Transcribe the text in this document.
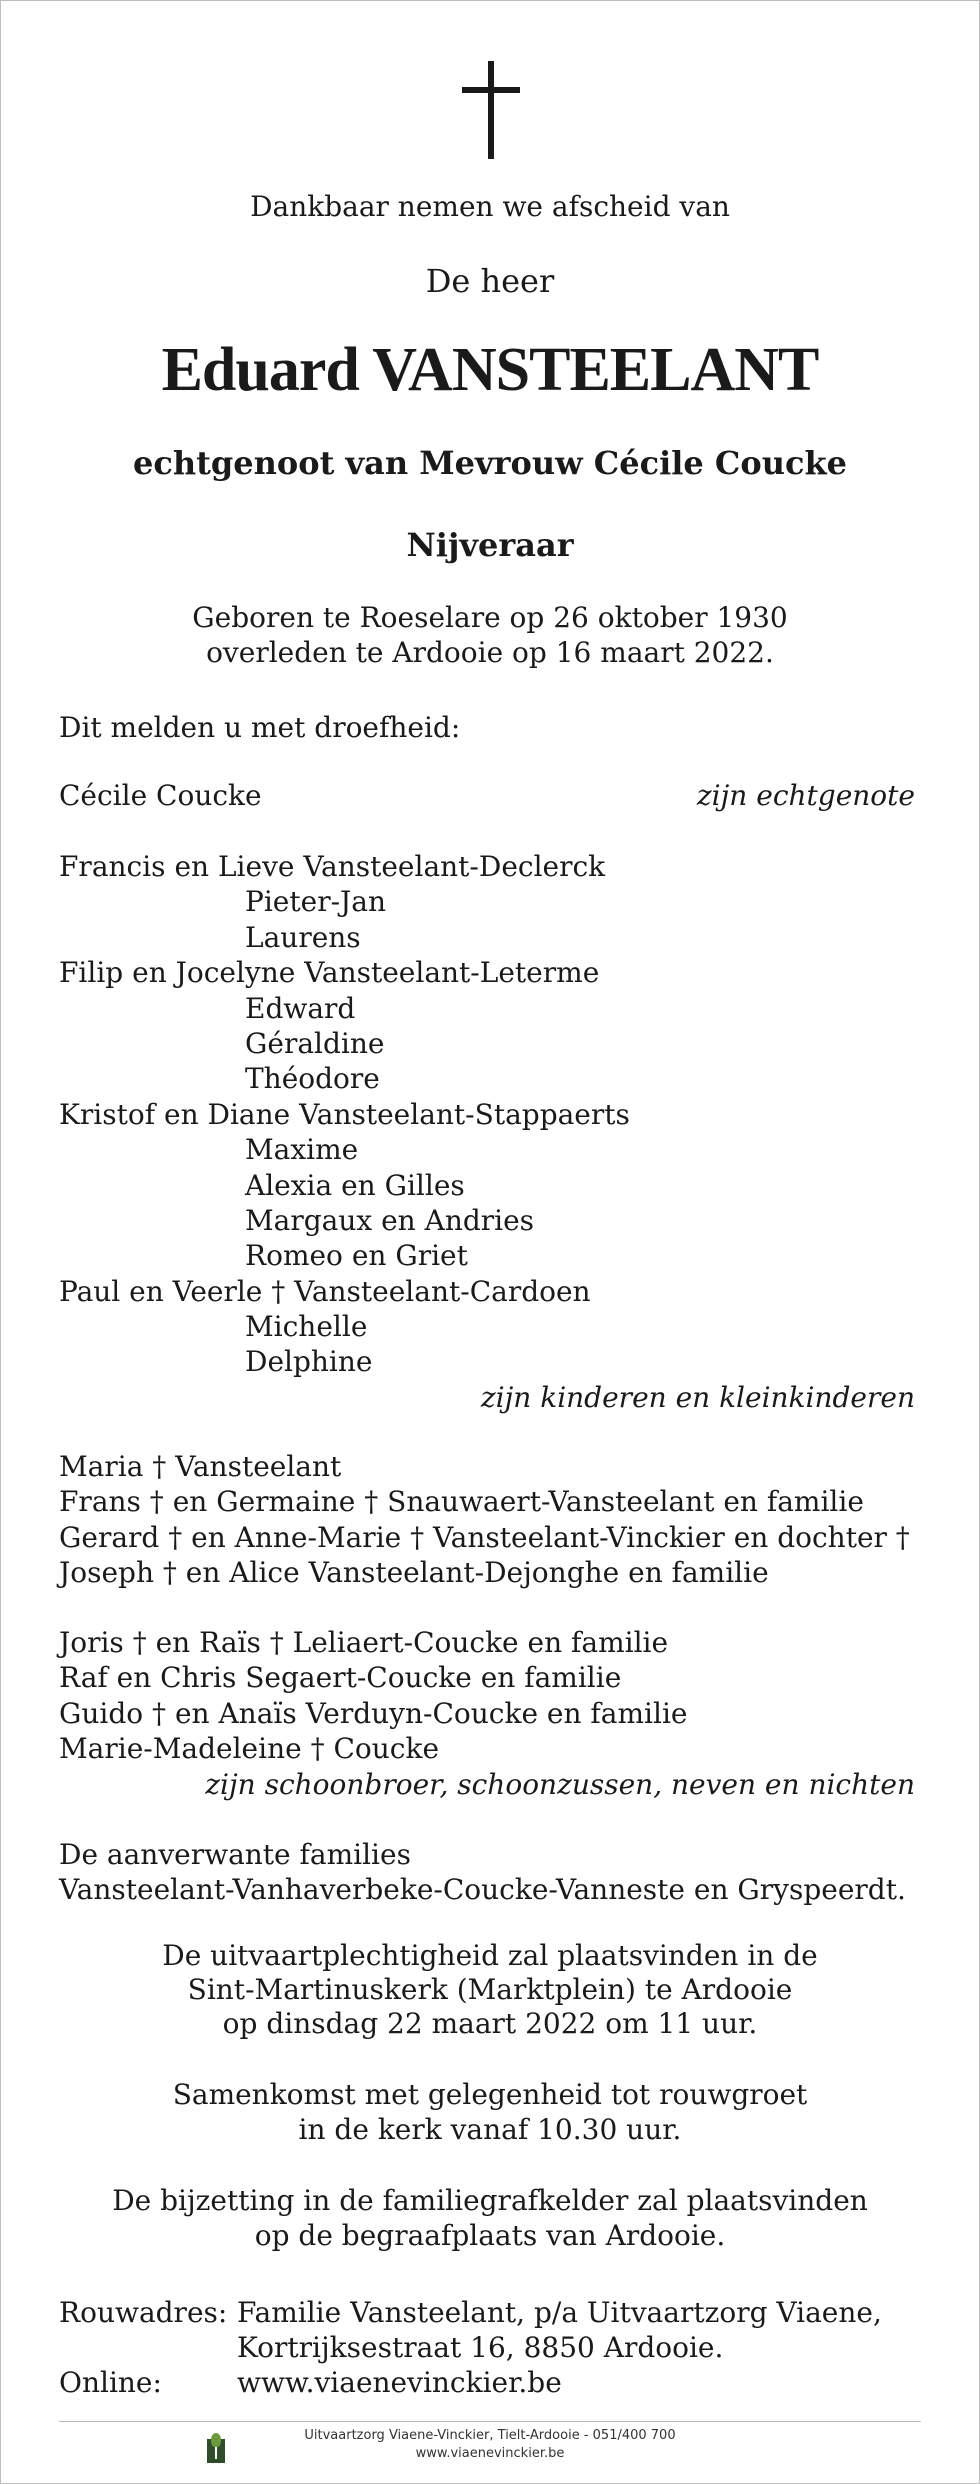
Dankbaar nemen we afscheid van
De heer
Eduard VANSTEELANT
echtgenoot van Mevrouw Cécile Coucke
Nijveraar
Geboren te Roeselare op 26 oktober 1930
overleden te Ardooie op 16 maart 2022.
Dit melden u met droefheid:
Cécile Coucke	zijn echtgenote
Francis en Lieve Vansteelant-Declerck
Pieter-Jan
Laurens
Filip en Jocelyne Vansteelant-Leterme
Edward
Géraldine
Théodore
Kristof en Diane Vansteelant-Stappaerts
Maxime
Alexia en Gilles
Margaux en Andries
Romeo en Griet
Paul en Veerle † Vansteelant-Cardoen
Michelle
Delphine
zijn kinderen en kleinkinderen
Maria † Vansteelant
Frans † en Germaine † Snauwaert-Vansteelant en familie
Gerard † en Anne-Marie † Vansteelant-Vinckier en dochter †
Joseph † en Alice Vansteelant-Dejonghe en familie
Joris † en Raïs † Leliaert-Coucke en familie
Raf en Chris Segaert-Coucke en familie
Guido † en Anaïs Verduyn-Coucke en familie
Marie-Madeleine † Coucke
zijn schoonbroer, schoonzussen, neven en nichten
De aanverwante families
Vansteelant-Vanhaverbeke-Coucke-Vanneste en Gryspeerdt.
De uitvaartplechtigheid zal plaatsvinden in de
Sint-Martinuskerk (Marktplein) te Ardooie
op dinsdag 22 maart 2022 om 11 uur.
Samenkomst met gelegenheid tot rouwgroet
in de kerk vanaf 10.30 uur.
De bijzetting in de familiegrafkelder zal plaatsvinden
op de begraafplaats van Ardooie.
Rouwadres: Familie Vansteelant, p/a Uitvaartzorg Viaene,
Kortrijksestraat 16, 8850 Ardooie.
Online:	www.viaenevinckier.be
Uitvaartzorg Viaene-Vinckier, Tielt-Ardooie - 051/400 700
www.viaenevinckier.be
